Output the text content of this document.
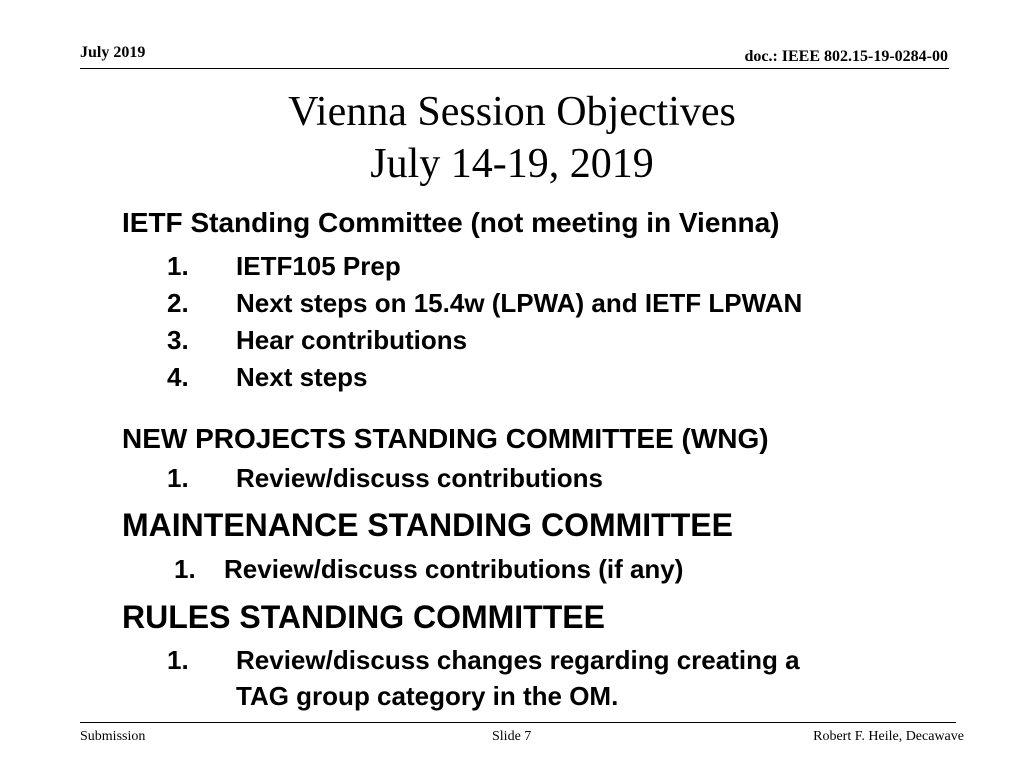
July 2019	doc.: IEEE 802.15-19-0284-00
Vienna Session Objectives
July 14-19, 2019
IETF Standing Committee (not meeting in Vienna)
1. IETF105 Prep
2. Next steps on 15.4w (LPWA) and IETF LPWAN
3. Hear contributions
4. Next steps
NEW PROJECTS STANDING COMMITTEE (WNG)
1. Review/discuss contributions
MAINTENANCE STANDING COMMITTEE
1. Review/discuss contributions (if any)
RULES STANDING COMMITTEE
1. Review/discuss changes regarding creating a
TAG group category in the OM.
Submission	Slide 7	Robert F. Heile, Decawave
